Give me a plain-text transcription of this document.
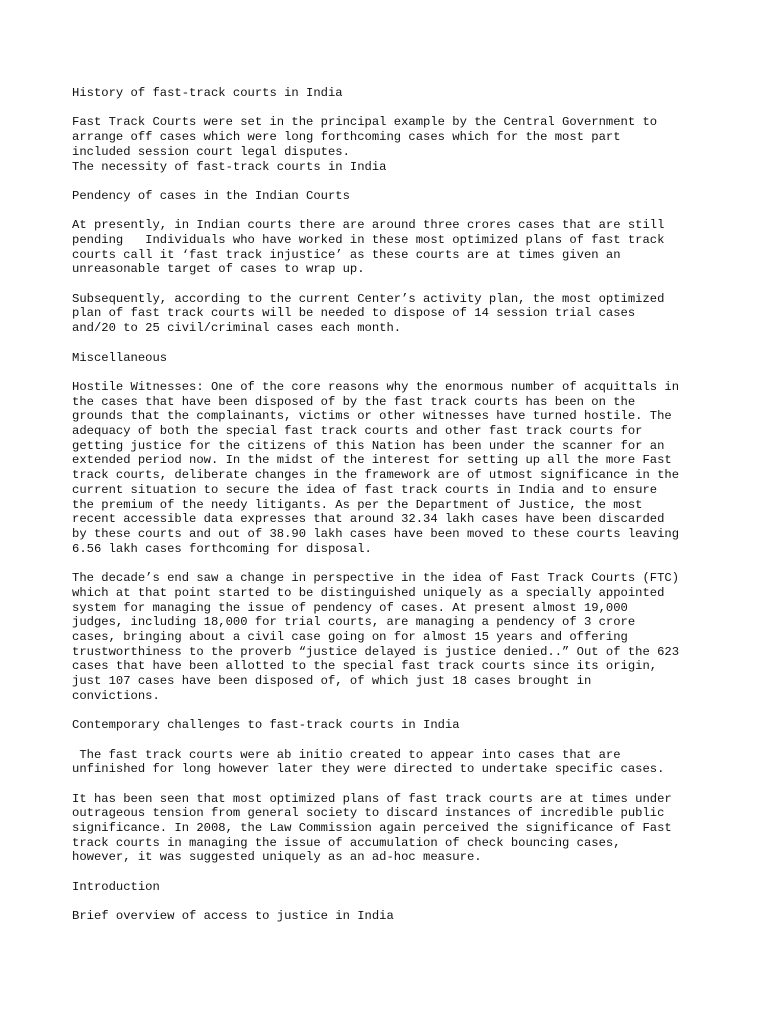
History of fast-track courts in India

Fast Track Courts were set in the principal example by the Central Government to
arrange off cases which were long forthcoming cases which for the most part
included session court legal disputes.

The necessity of fast-track courts in India

Pendency of cases in the Indian Courts

At presently, in Indian courts there are around three crores cases that are still
pending   Individuals who have worked in these most optimized plans of fast track
courts call it ‘fast track injustice’ as these courts are at times given an
unreasonable target of cases to wrap up.

Subsequently, according to the current Center’s activity plan, the most optimized
plan of fast track courts will be needed to dispose of 14 session trial cases
and/20 to 25 civil/criminal cases each month.

Miscellaneous

Hostile Witnesses: One of the core reasons why the enormous number of acquittals in
the cases that have been disposed of by the fast track courts has been on the
grounds that the complainants, victims or other witnesses have turned hostile. The
adequacy of both the special fast track courts and other fast track courts for
getting justice for the citizens of this Nation has been under the scanner for an
extended period now. In the midst of the interest for setting up all the more Fast
track courts, deliberate changes in the framework are of utmost significance in the
current situation to secure the idea of fast track courts in India and to ensure
the premium of the needy litigants. As per the Department of Justice, the most
recent accessible data expresses that around 32.34 lakh cases have been discarded
by these courts and out of 38.90 lakh cases have been moved to these courts leaving
6.56 lakh cases forthcoming for disposal.

The decade’s end saw a change in perspective in the idea of Fast Track Courts (FTC)
which at that point started to be distinguished uniquely as a specially appointed
system for managing the issue of pendency of cases. At present almost 19,000
judges, including 18,000 for trial courts, are managing a pendency of 3 crore
cases, bringing about a civil case going on for almost 15 years and offering
trustworthiness to the proverb “justice delayed is justice denied..” Out of the 623
cases that have been allotted to the special fast track courts since its origin,
just 107 cases have been disposed of, of which just 18 cases brought in
convictions.

Contemporary challenges to fast-track courts in India

The fast track courts were ab initio created to appear into cases that are
unfinished for long however later they were directed to undertake specific cases.

It has been seen that most optimized plans of fast track courts are at times under
outrageous tension from general society to discard instances of incredible public
significance. In 2008, the Law Commission again perceived the significance of Fast
track courts in managing the issue of accumulation of check bouncing cases,
however, it was suggested uniquely as an ad-hoc measure.

Introduction

Brief overview of access to justice in India
